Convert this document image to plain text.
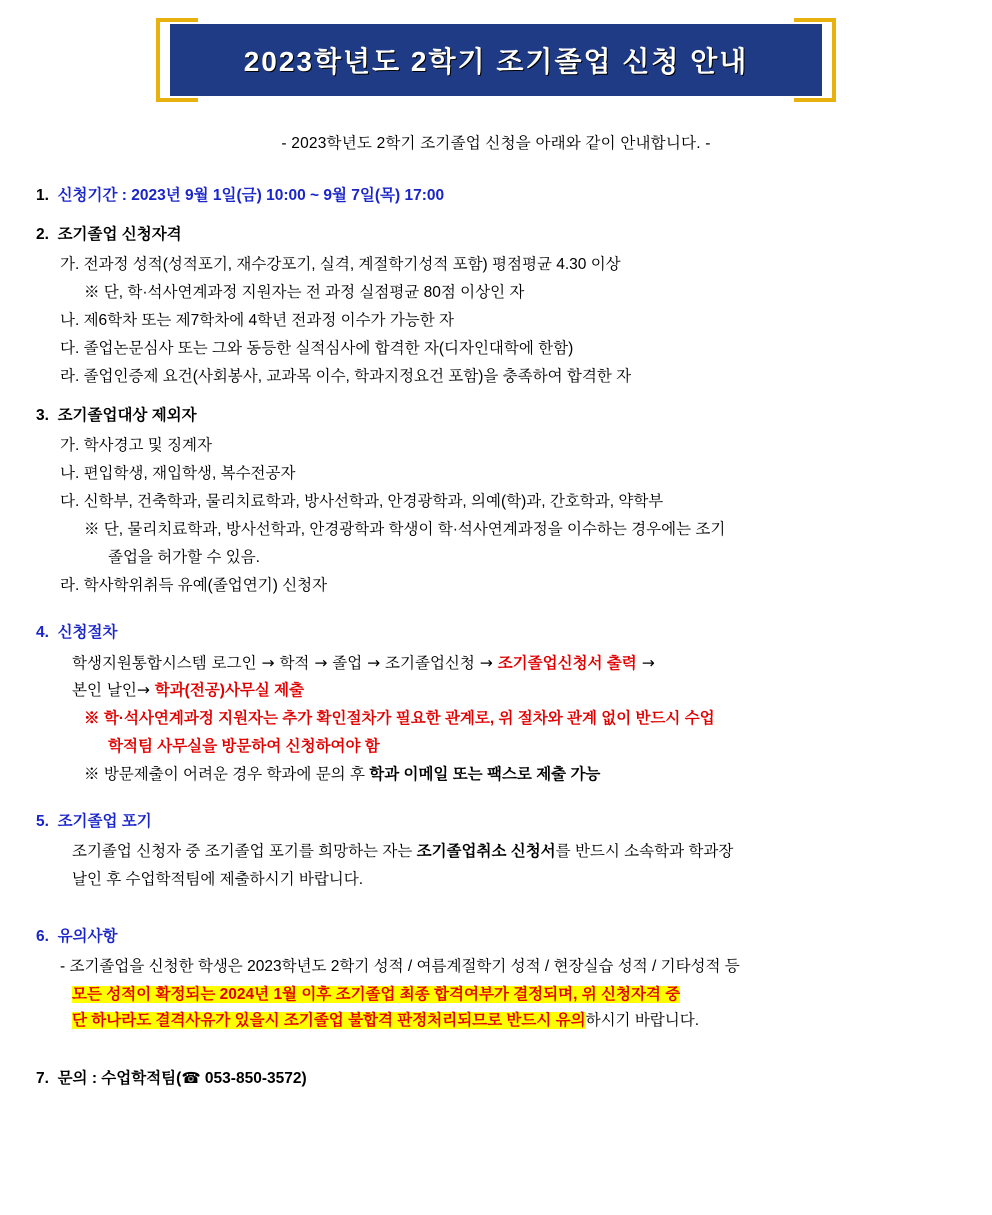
2023학년도 2학기 조기졸업 신청 안내
- 2023학년도 2학기 조기졸업 신청을 아래와 같이 안내합니다. -
1. 신청기간 : 2023년 9월 1일(금) 10:00 ~ 9월 7일(목) 17:00
2. 조기졸업 신청자격
가. 전과정 성적(성적포기, 재수강포기, 실격, 계절학기성적 포함) 평점평균 4.30 이상
※ 단, 학·석사연계과정 지원자는 전 과정 실점평균 80점 이상인 자
나. 제6학차 또는 제7학차에 4학년 전과정 이수가 가능한 자
다. 졸업논문심사 또는 그와 동등한 실적심사에 합격한 자(디자인대학에 한함)
라. 졸업인증제 요건(사회봉사, 교과목 이수, 학과지정요건 포함)을 충족하여 합격한 자
3. 조기졸업대상 제외자
가. 학사경고 및 징계자
나. 편입학생, 재입학생, 복수전공자
다. 신학부, 건축학과, 물리치료학과, 방사선학과, 안경광학과, 의예(학)과, 간호학과, 약학부
※ 단, 물리치료학과, 방사선학과, 안경광학과 학생이 학·석사연계과정을 이수하는 경우에는 조기
졸업을 허가할 수 있음.
라. 학사학위취득 유예(졸업연기) 신청자
4. 신청절차
학생지원통합시스템 로그인 → 학적 → 졸업 → 조기졸업신청 → 조기졸업신청서 출력 →
본인 날인→ 학과(전공)사무실 제출
※ 학·석사연계과정 지원자는 추가 확인절차가 필요한 관계로, 위 절차와 관계 없이 반드시 수업
학적팀 사무실을 방문하여 신청하여야 함
※ 방문제출이 어려운 경우 학과에 문의 후 학과 이메일 또는 팩스로 제출 가능
5. 조기졸업 포기
조기졸업 신청자 중 조기졸업 포기를 희망하는 자는 조기졸업취소 신청서를 반드시 소속학과 학과장
날인 후 수업학적팀에 제출하시기 바랍니다.
6. 유의사항
- 조기졸업을 신청한 학생은 2023학년도 2학기 성적 / 여름계절학기 성적 / 현장실습 성적 / 기타성적 등
모든 성적이 확정되는 2024년 1월 이후 조기졸업 최종 합격여부가 결정되며, 위 신청자격 중
단 하나라도 결격사유가 있을시 조기졸업 불합격 판정처리되므로 반드시 유의하시기 바랍니다.
7. 문의 : 수업학적팀(☎ 053-850-3572)
